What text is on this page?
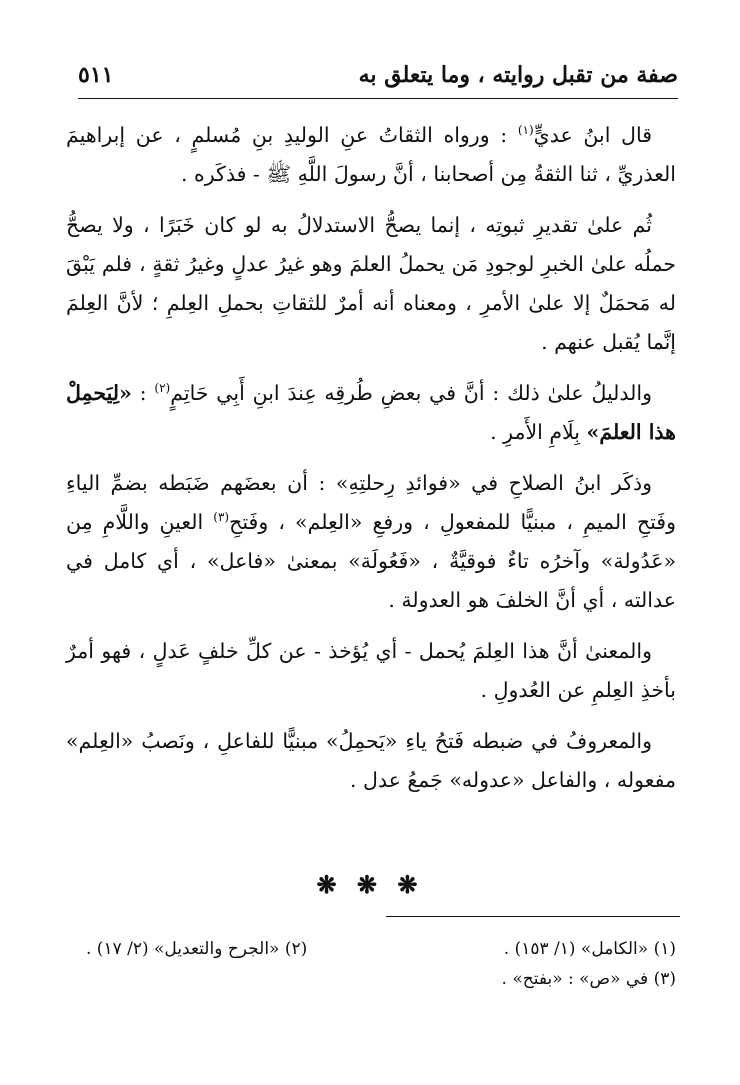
صفة من تقبل روايته ، وما يتعلق به
٥١١

قال ابنُ عديٍّ$^{(١)}$ : ورواه الثقاتُ عنِ الوليدِ بنِ مُسلمٍ ، عن إبراهيمَ العذريِّ ، ثنا الثقةُ مِن أصحابنا ، أنَّ رسولَ اللَّهِ ﷺ - فذكَره .

ثُم علىٰ تقديرِ ثبوتِه ، إنما يصحُّ الاستدلالُ به لو كان خَبَرًا ، ولا يصحُّ حملُه علىٰ الخبرِ لوجودِ مَن يحملُ العلمَ وهو غيرُ عدلٍ وغيرُ ثقةٍ ، فلم يَبْقَ له مَحمَلٌ إلا علىٰ الأمرِ ، ومعناه أنه أمرٌ للثقاتِ بحملِ العِلمِ ؛ لأنَّ العِلمَ إنَّما يُقبل عنهم .

والدليلُ علىٰ ذلك : أنَّ في بعضِ طُرقِه عِندَ ابنِ أَبِي حَاتِمٍ$^{(٢)}$ : «لِيَحمِلْ هذا العلمَ» بِلَامِ الأَمرِ .

وذكَر ابنُ الصلاحِ في «فوائدِ رِحلتِهِ» : أن بعضَهم ضَبَطه بضمِّ الياءِ وفَتحِ الميمِ ، مبنيًّا للمفعولِ ، ورفعِ «العِلم» ، وفَتحِ$^{(٣)}$ العينِ واللَّامِ مِن «عَدُولة» وآخرُه تاءٌ فوقيَّةٌ ، «فَعُولَة» بمعنىٰ «فاعل» ، أي كامل في عدالته ، أي أنَّ الخلفَ هو العدولة .

والمعنىٰ أنَّ هذا العِلمَ يُحمل - أي يُؤخذ - عن كلِّ خلفٍ عَدلٍ ، فهو أمرٌ بأخذِ العِلمِ عن العُدولِ .

والمعروفُ في ضبطه فَتحُ ياءِ «يَحمِلُ» مبنيًّا للفاعلِ ، ونَصبُ «العِلم» مفعوله ، والفاعل «عدوله» جَمعُ عدل .

❋ ❋ ❋
(١) «الكامل» (١/ ١٥٣) .
(٢) «الجرح والتعديل» (٢/ ١٧) .
(٣) في «ص» : «بفتح» .
